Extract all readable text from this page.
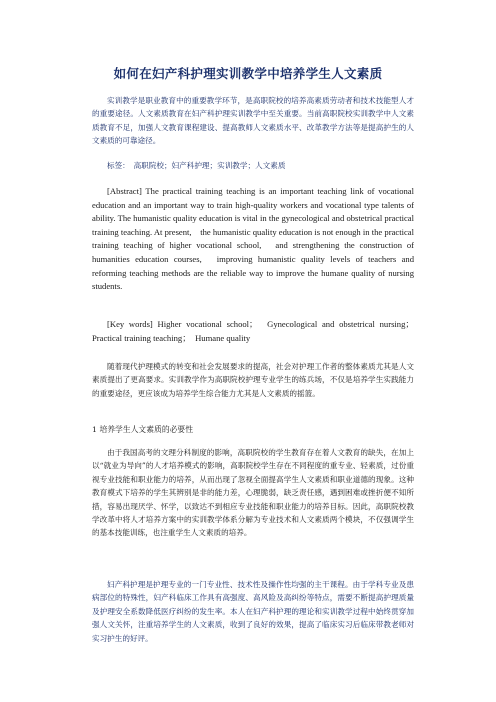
如何在妇产科护理实训教学中培养学生人文素质

实训教学是职业教育中的重要教学环节，是高职院校的培养高素质劳动者和技术技能型人才的重要途径。人文素质教育在妇产科护理实训教学中至关重要。当前高职院校实训教学中人文素质教育不足，加强人文教育课程建设、提高教师人文素质水平、改革教学方法等是提高护生的人文素质的可靠途径。

标签：　高职院校；妇产科护理；实训教学；人文素质

[Abstract] The practical training teaching is an important teaching link of vocational education and an important way to train high-quality workers and vocational type talents of ability. The humanistic quality education is vital in the gynecological and obstetrical practical training teaching. At present,　the humanistic quality education is not enough in the practical training teaching of higher vocational school,　and strengthening the construction of humanities education courses,　improving humanistic quality levels of teachers and reforming teaching methods are the reliable way to improve the humane quality of nursing students.

[Key words] Higher vocational school；　Gynecological and obstetrical nursing；Practical training teaching；　Humane quality

随着现代护理模式的转变和社会发展要求的提高，社会对护理工作者的整体素质尤其是人文素质提出了更高要求。实训教学作为高职院校护理专业学生的练兵场，不仅是培养学生实践能力的重要途径，更应该成为培养学生综合能力尤其是人文素质的摇篮。

1 培养学生人文素质的必要性

由于我国高考的文理分科制度的影响，高职院校的学生教育存在着人文教育的缺失，在加上以“就业为导向”的人才培养模式的影响，高职院校学生存在不同程度的重专业、轻素质，过份重视专业技能和职业能力的培养，从而出现了忽视全面提高学生人文素质和职业道德的现象。这种教育模式下培养的学生其辨别是非的能力差，心理脆弱，缺乏责任感，遇到困难或挫折便不知所措，容易出现厌学、怀学，以致达不到相应专业技能和职业能力的培养目标。因此，高职院校教学改革中将人才培养方案中的实训教学体系分解为专业技术和人文素质两个模块，不仅强调学生的基本技能训练，也注重学生人文素质的培养。

妇产科护理是护理专业的一门专业性、技术性及操作性均强的主干课程。由于学科专业及患病部位的特殊性，妇产科临床工作具有高强度、高风险及高纠纷等特点，需要不断提高护理质量及护理安全系数降低医疗纠纷的发生率。本人在妇产科护理的理论和实训教学过程中始终贯穿加强人文关怀，注重培养学生的人文素质，收到了良好的效果，提高了临床实习后临床带教老师对实习护生的好评。
